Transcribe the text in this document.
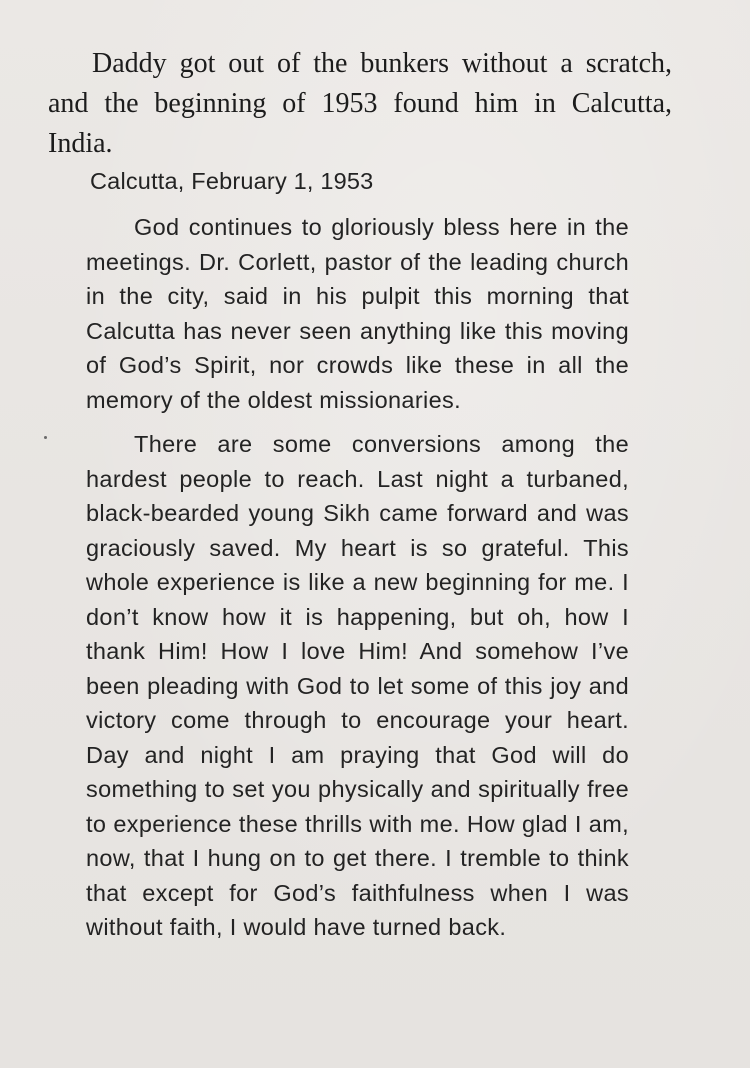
Daddy got out of the bunkers without a scratch, and the beginning of 1953 found him in Calcutta, India.

Calcutta, February 1, 1953

God continues to gloriously bless here in the meetings. Dr. Corlett, pastor of the leading church in the city, said in his pulpit this morning that Calcutta has never seen anything like this moving of God’s Spirit, nor crowds like these in all the memory of the oldest missionaries.

There are some conversions among the hardest people to reach. Last night a turbaned, black-bearded young Sikh came forward and was graciously saved. My heart is so grateful. This whole experience is like a new beginning for me. I don’t know how it is happening, but oh, how I thank Him! How I love Him! And somehow I’ve been pleading with God to let some of this joy and victory come through to encourage your heart. Day and night I am praying that God will do something to set you physically and spiritually free to experience these thrills with me. How glad I am, now, that I hung on to get there. I tremble to think that except for God’s faithfulness when I was without faith, I would have turned back.
